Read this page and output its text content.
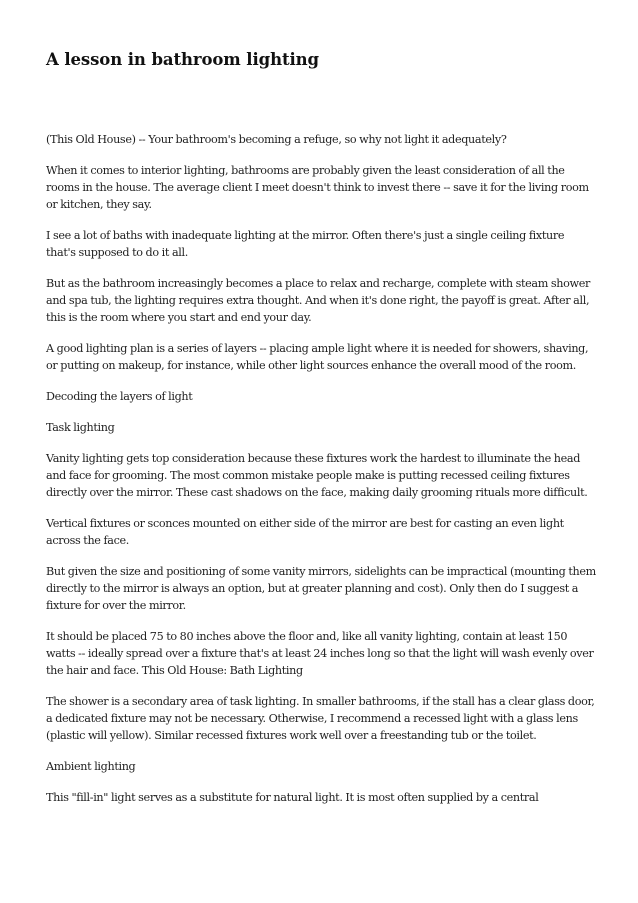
A lesson in bathroom lighting

(This Old House) -- Your bathroom's becoming a refuge, so why not light it adequately?

When it comes to interior lighting, bathrooms are probably given the least consideration of all the rooms in the house. The average client I meet doesn't think to invest there -- save it for the living room or kitchen, they say.

I see a lot of baths with inadequate lighting at the mirror. Often there's just a single ceiling fixture that's supposed to do it all.

But as the bathroom increasingly becomes a place to relax and recharge, complete with steam shower and spa tub, the lighting requires extra thought. And when it's done right, the payoff is great. After all, this is the room where you start and end your day.

A good lighting plan is a series of layers -- placing ample light where it is needed for showers, shaving, or putting on makeup, for instance, while other light sources enhance the overall mood of the room.

Decoding the layers of light

Task lighting

Vanity lighting gets top consideration because these fixtures work the hardest to illuminate the head and face for grooming. The most common mistake people make is putting recessed ceiling fixtures directly over the mirror. These cast shadows on the face, making daily grooming rituals more difficult.

Vertical fixtures or sconces mounted on either side of the mirror are best for casting an even light across the face.

But given the size and positioning of some vanity mirrors, sidelights can be impractical (mounting them directly to the mirror is always an option, but at greater planning and cost). Only then do I suggest a fixture for over the mirror.

It should be placed 75 to 80 inches above the floor and, like all vanity lighting, contain at least 150 watts -- ideally spread over a fixture that's at least 24 inches long so that the light will wash evenly over the hair and face. This Old House: Bath Lighting

The shower is a secondary area of task lighting. In smaller bathrooms, if the stall has a clear glass door, a dedicated fixture may not be necessary. Otherwise, I recommend a recessed light with a glass lens (plastic will yellow). Similar recessed fixtures work well over a freestanding tub or the toilet.

Ambient lighting

This "fill-in" light serves as a substitute for natural light. It is most often supplied by a central
